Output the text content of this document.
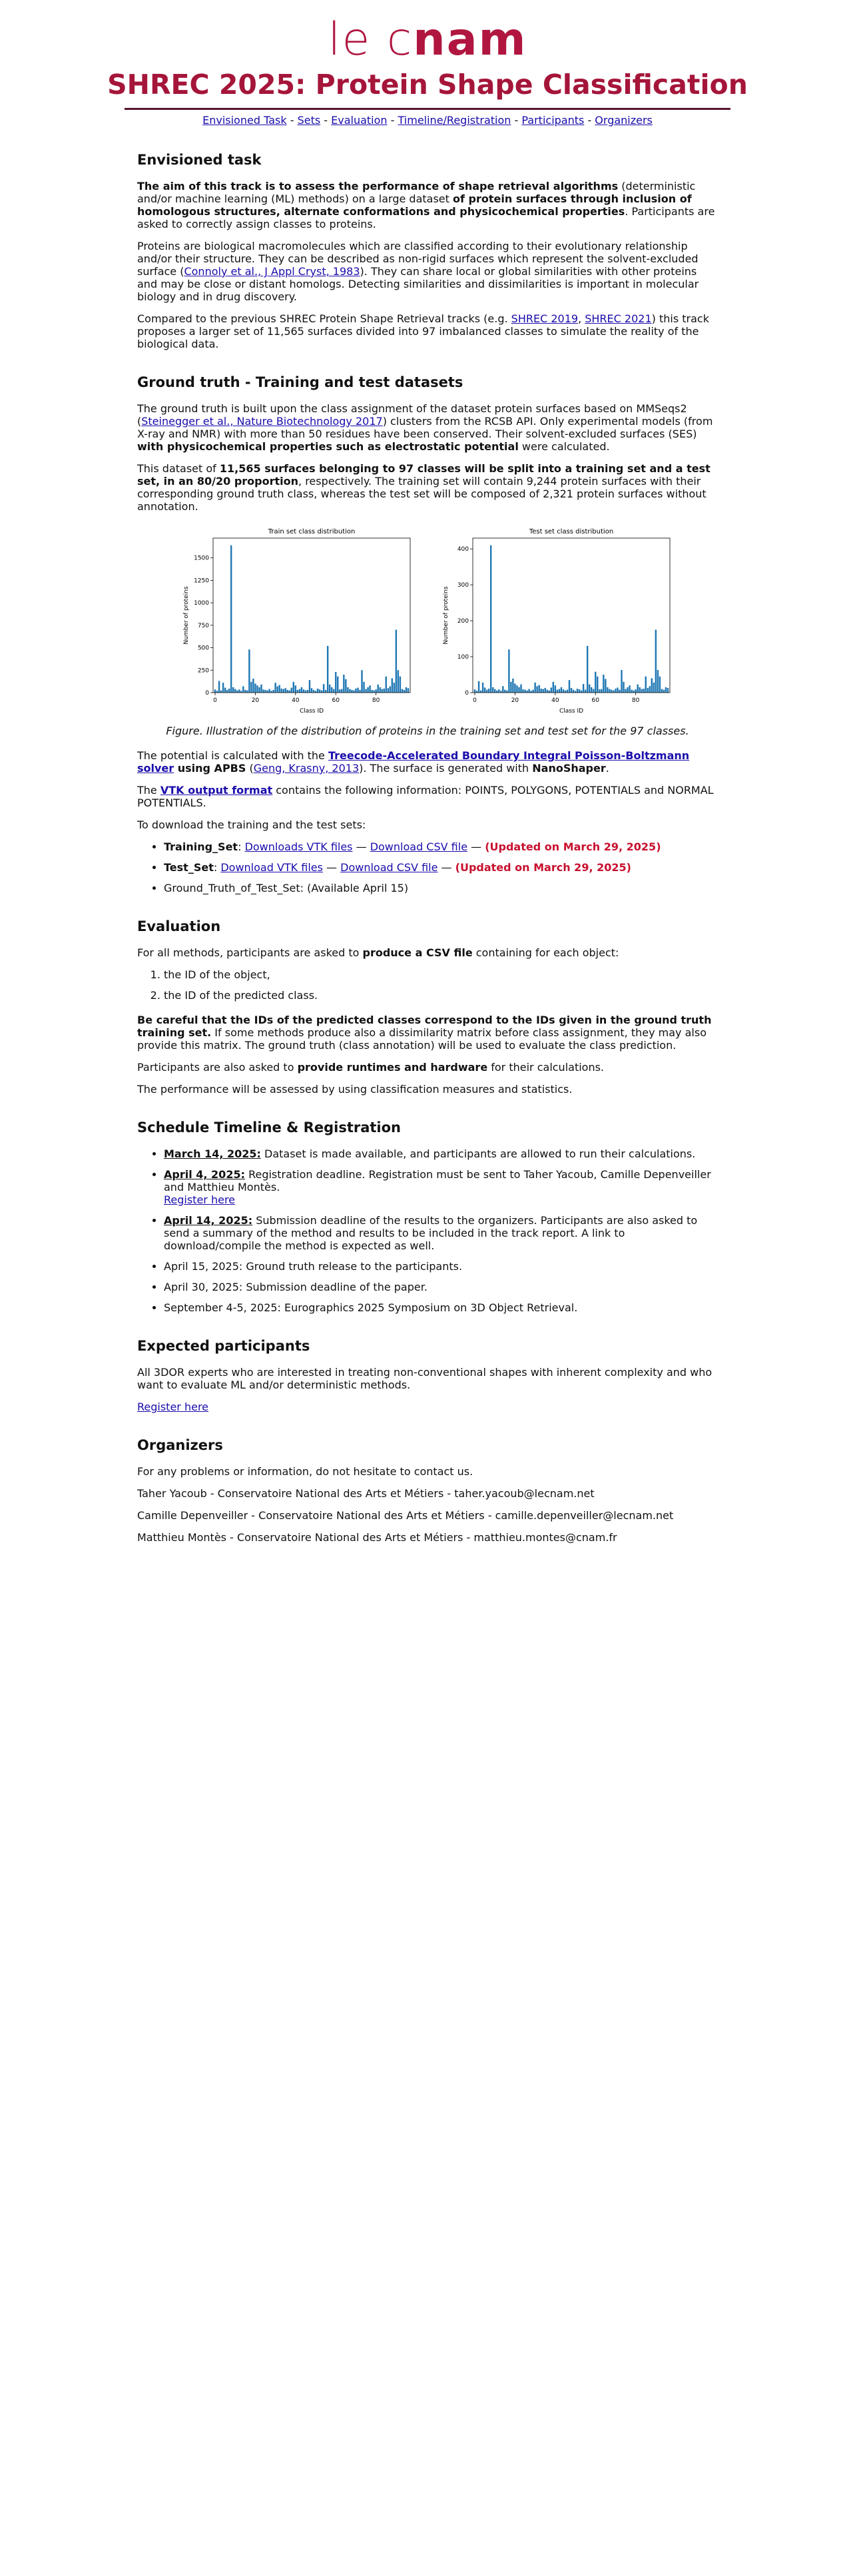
le cnam
SHREC 2025: Protein Shape Classification
Envisioned Task - Sets - Evaluation - Timeline/Registration - Participants - Organizers
Envisioned task

The aim of this track is to assess the performance of shape retrieval algorithms (deterministic and/or machine learning (ML) methods) on a large dataset of protein surfaces through inclusion of homologous structures, alternate conformations and physicochemical properties. Participants are asked to correctly assign classes to proteins.

Proteins are biological macromolecules which are classified according to their evolutionary relationship and/or their structure. They can be described as non-rigid surfaces which represent the solvent-excluded surface (Connoly et al., J Appl Cryst, 1983). They can share local or global similarities with other proteins and may be close or distant homologs. Detecting similarities and dissimilarities is important in molecular biology and in drug discovery.

Compared to the previous SHREC Protein Shape Retrieval tracks (e.g. SHREC 2019, SHREC 2021) this track proposes a larger set of 11,565 surfaces divided into 97 imbalanced classes to simulate the reality of the biological data.

Ground truth - Training and test datasets

The ground truth is built upon the class assignment of the dataset protein surfaces based on MMSeqs2 (Steinegger et al., Nature Biotechnology 2017) clusters from the RCSB API. Only experimental models (from X-ray and NMR) with more than 50 residues have been conserved. Their solvent-excluded surfaces (SES) with physicochemical properties such as electrostatic potential were calculated.

This dataset of 11,565 surfaces belonging to 97 classes will be split into a training set and a test set, in an 80/20 proportion, respectively. The training set will contain 9,244 protein surfaces with their corresponding ground truth class, whereas the test set will be composed of 2,321 protein surfaces without annotation.

Train set class distribution
0	20	40	60	80
0
250
500
750
1000
1250
1500
Class ID
Number of proteins
Test set class distribution
0	20	40	60	80
0
100
200
300
400
Class ID
Number of proteins

Figure. Illustration of the distribution of proteins in the training set and test set for the 97 classes.

The potential is calculated with the Treecode-Accelerated Boundary Integral Poisson-Boltzmann solver using APBS (Geng, Krasny, 2013). The surface is generated with NanoShaper.

The VTK output format contains the following information: POINTS, POLYGONS, POTENTIALS and NORMAL POTENTIALS.

To download the training and the test sets:

• Training_Set: Downloads VTK files — Download CSV file — (Updated on March 29, 2025)
• Test_Set: Download VTK files — Download CSV file — (Updated on March 29, 2025)
• Ground_Truth_of_Test_Set: (Available April 15)
Evaluation

For all methods, participants are asked to produce a CSV file containing for each object:

1. the ID of the object,
2. the ID of the predicted class.

Be careful that the IDs of the predicted classes correspond to the IDs given in the ground truth training set. If some methods produce also a dissimilarity matrix before class assignment, they may also provide this matrix. The ground truth (class annotation) will be used to evaluate the class prediction.

Participants are also asked to provide runtimes and hardware for their calculations.

The performance will be assessed by using classification measures and statistics.

Schedule Timeline & Registration
• March 14, 2025: Dataset is made available, and participants are allowed to run their calculations.
• April 4, 2025: Registration deadline. Registration must be sent to Taher Yacoub, Camille Depenveiller and Matthieu Montès.
Register here
• April 14, 2025: Submission deadline of the results to the organizers. Participants are also asked to send a summary of the method and results to be included in the track report. A link to download/compile the method is expected as well.
• April 15, 2025: Ground truth release to the participants.
• April 30, 2025: Submission deadline of the paper.
• September 4-5, 2025: Eurographics 2025 Symposium on 3D Object Retrieval.
Expected participants

All 3DOR experts who are interested in treating non-conventional shapes with inherent complexity and who want to evaluate ML and/or deterministic methods.

Register here

Organizers

For any problems or information, do not hesitate to contact us.

Taher Yacoub - Conservatoire National des Arts et Métiers - taher.yacoub@lecnam.net

Camille Depenveiller - Conservatoire National des Arts et Métiers - camille.depenveiller@lecnam.net

Matthieu Montès - Conservatoire National des Arts et Métiers - matthieu.montes@cnam.fr
